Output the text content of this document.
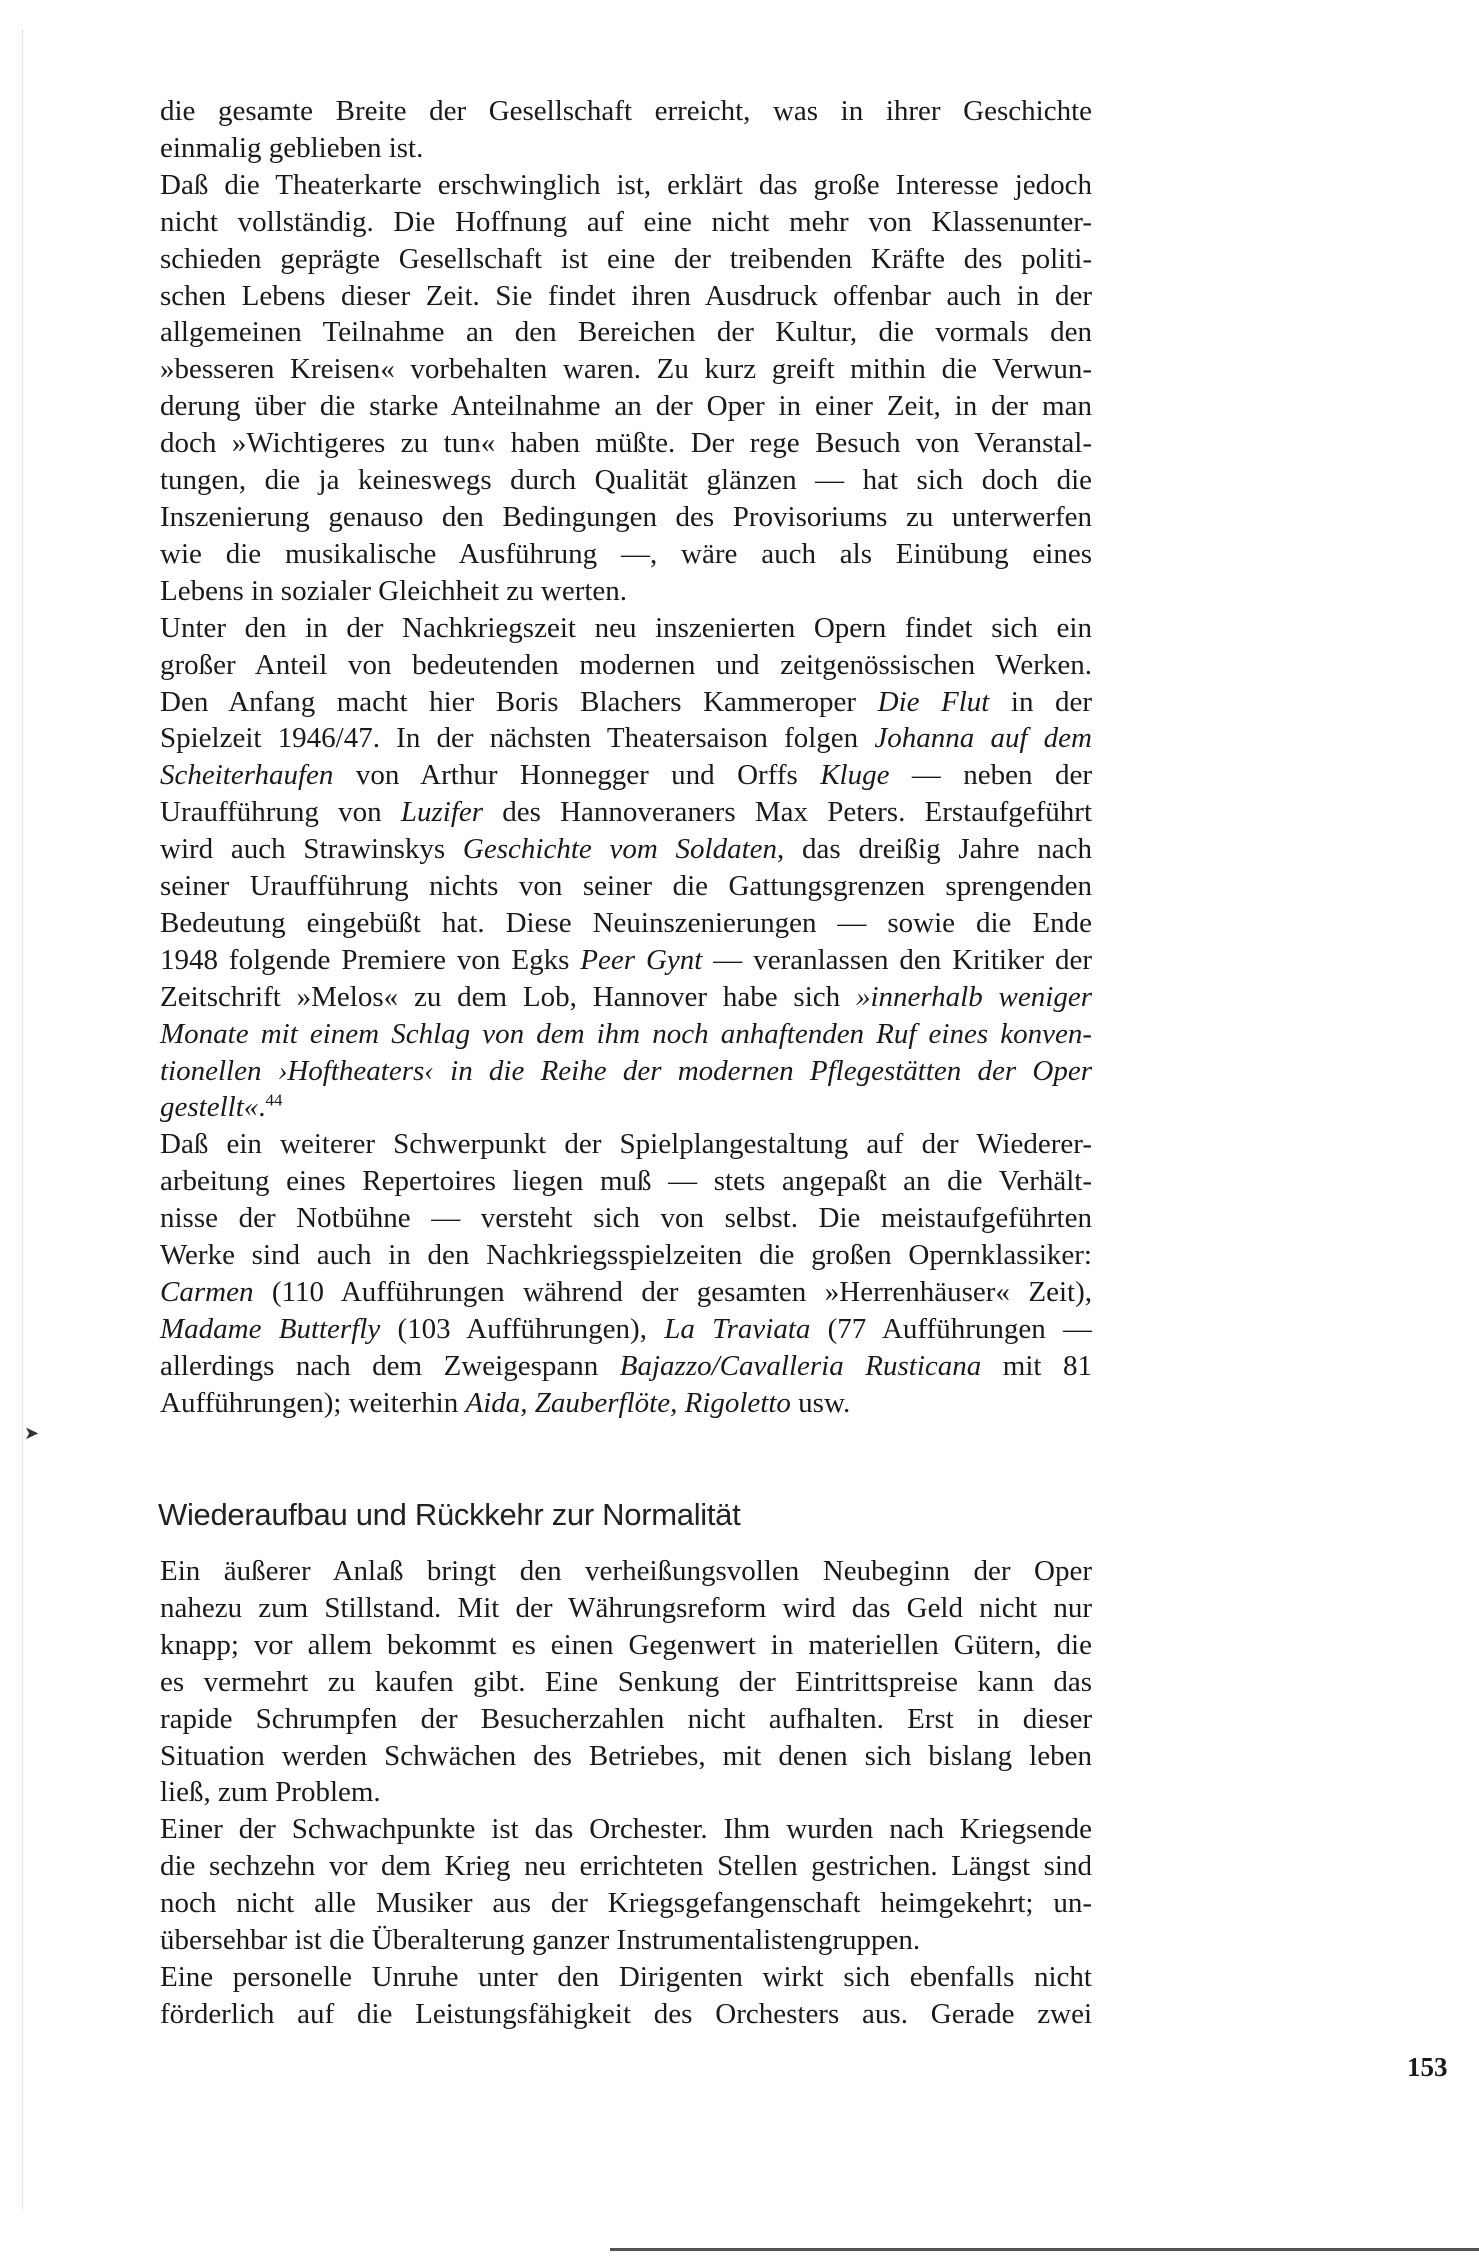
➤
die gesamte Breite der Gesellschaft erreicht, was in ihrer Geschichte
einmalig geblieben ist.
Daß die Theaterkarte erschwinglich ist, erklärt das große Interesse jedoch
nicht vollständig. Die Hoffnung auf eine nicht mehr von Klassenunter-
schieden geprägte Gesellschaft ist eine der treibenden Kräfte des politi-
schen Lebens dieser Zeit. Sie findet ihren Ausdruck offenbar auch in der
allgemeinen Teilnahme an den Bereichen der Kultur, die vormals den
»besseren Kreisen« vorbehalten waren. Zu kurz greift mithin die Verwun-
derung über die starke Anteilnahme an der Oper in einer Zeit, in der man
doch »Wichtigeres zu tun« haben müßte. Der rege Besuch von Veranstal-
tungen, die ja keineswegs durch Qualität glänzen — hat sich doch die
Inszenierung genauso den Bedingungen des Provisoriums zu unterwerfen
wie die musikalische Ausführung —, wäre auch als Einübung eines
Lebens in sozialer Gleichheit zu werten.
Unter den in der Nachkriegszeit neu inszenierten Opern findet sich ein
großer Anteil von bedeutenden modernen und zeitgenössischen Werken.
Den Anfang macht hier Boris Blachers Kammeroper Die Flut in der
Spielzeit 1946/47. In der nächsten Theatersaison folgen Johanna auf dem
Scheiterhaufen von Arthur Honnegger und Orffs Kluge — neben der
Uraufführung von Luzifer des Hannoveraners Max Peters. Erstaufgeführt
wird auch Strawinskys Geschichte vom Soldaten, das dreißig Jahre nach
seiner Uraufführung nichts von seiner die Gattungsgrenzen sprengenden
Bedeutung eingebüßt hat. Diese Neuinszenierungen — sowie die Ende
1948 folgende Premiere von Egks Peer Gynt — veranlassen den Kritiker der
Zeitschrift »Melos« zu dem Lob, Hannover habe sich »innerhalb weniger
Monate mit einem Schlag von dem ihm noch anhaftenden Ruf eines konven-
tionellen ›Hoftheaters‹ in die Reihe der modernen Pflegestätten der Oper
gestellt«.$^{44}$
Daß ein weiterer Schwerpunkt der Spielplangestaltung auf der Wiederer-
arbeitung eines Repertoires liegen muß — stets angepaßt an die Verhält-
nisse der Notbühne — versteht sich von selbst. Die meistaufgeführten
Werke sind auch in den Nachkriegsspielzeiten die großen Opernklassiker:
Carmen (110 Aufführungen während der gesamten »Herrenhäuser« Zeit),
Madame Butterfly (103 Aufführungen), La Traviata (77 Aufführungen —
allerdings nach dem Zweigespann Bajazzo/Cavalleria Rusticana mit 81
Aufführungen); weiterhin Aida, Zauberflöte, Rigoletto usw.
Wiederaufbau und Rückkehr zur Normalität
Ein äußerer Anlaß bringt den verheißungsvollen Neubeginn der Oper
nahezu zum Stillstand. Mit der Währungsreform wird das Geld nicht nur
knapp; vor allem bekommt es einen Gegenwert in materiellen Gütern, die
es vermehrt zu kaufen gibt. Eine Senkung der Eintrittspreise kann das
rapide Schrumpfen der Besucherzahlen nicht aufhalten. Erst in dieser
Situation werden Schwächen des Betriebes, mit denen sich bislang leben
ließ, zum Problem.
Einer der Schwachpunkte ist das Orchester. Ihm wurden nach Kriegsende
die sechzehn vor dem Krieg neu errichteten Stellen gestrichen. Längst sind
noch nicht alle Musiker aus der Kriegsgefangenschaft heimgekehrt; un-
übersehbar ist die Überalterung ganzer Instrumentalistengruppen.
Eine personelle Unruhe unter den Dirigenten wirkt sich ebenfalls nicht
förderlich auf die Leistungsfähigkeit des Orchesters aus. Gerade zwei
153
